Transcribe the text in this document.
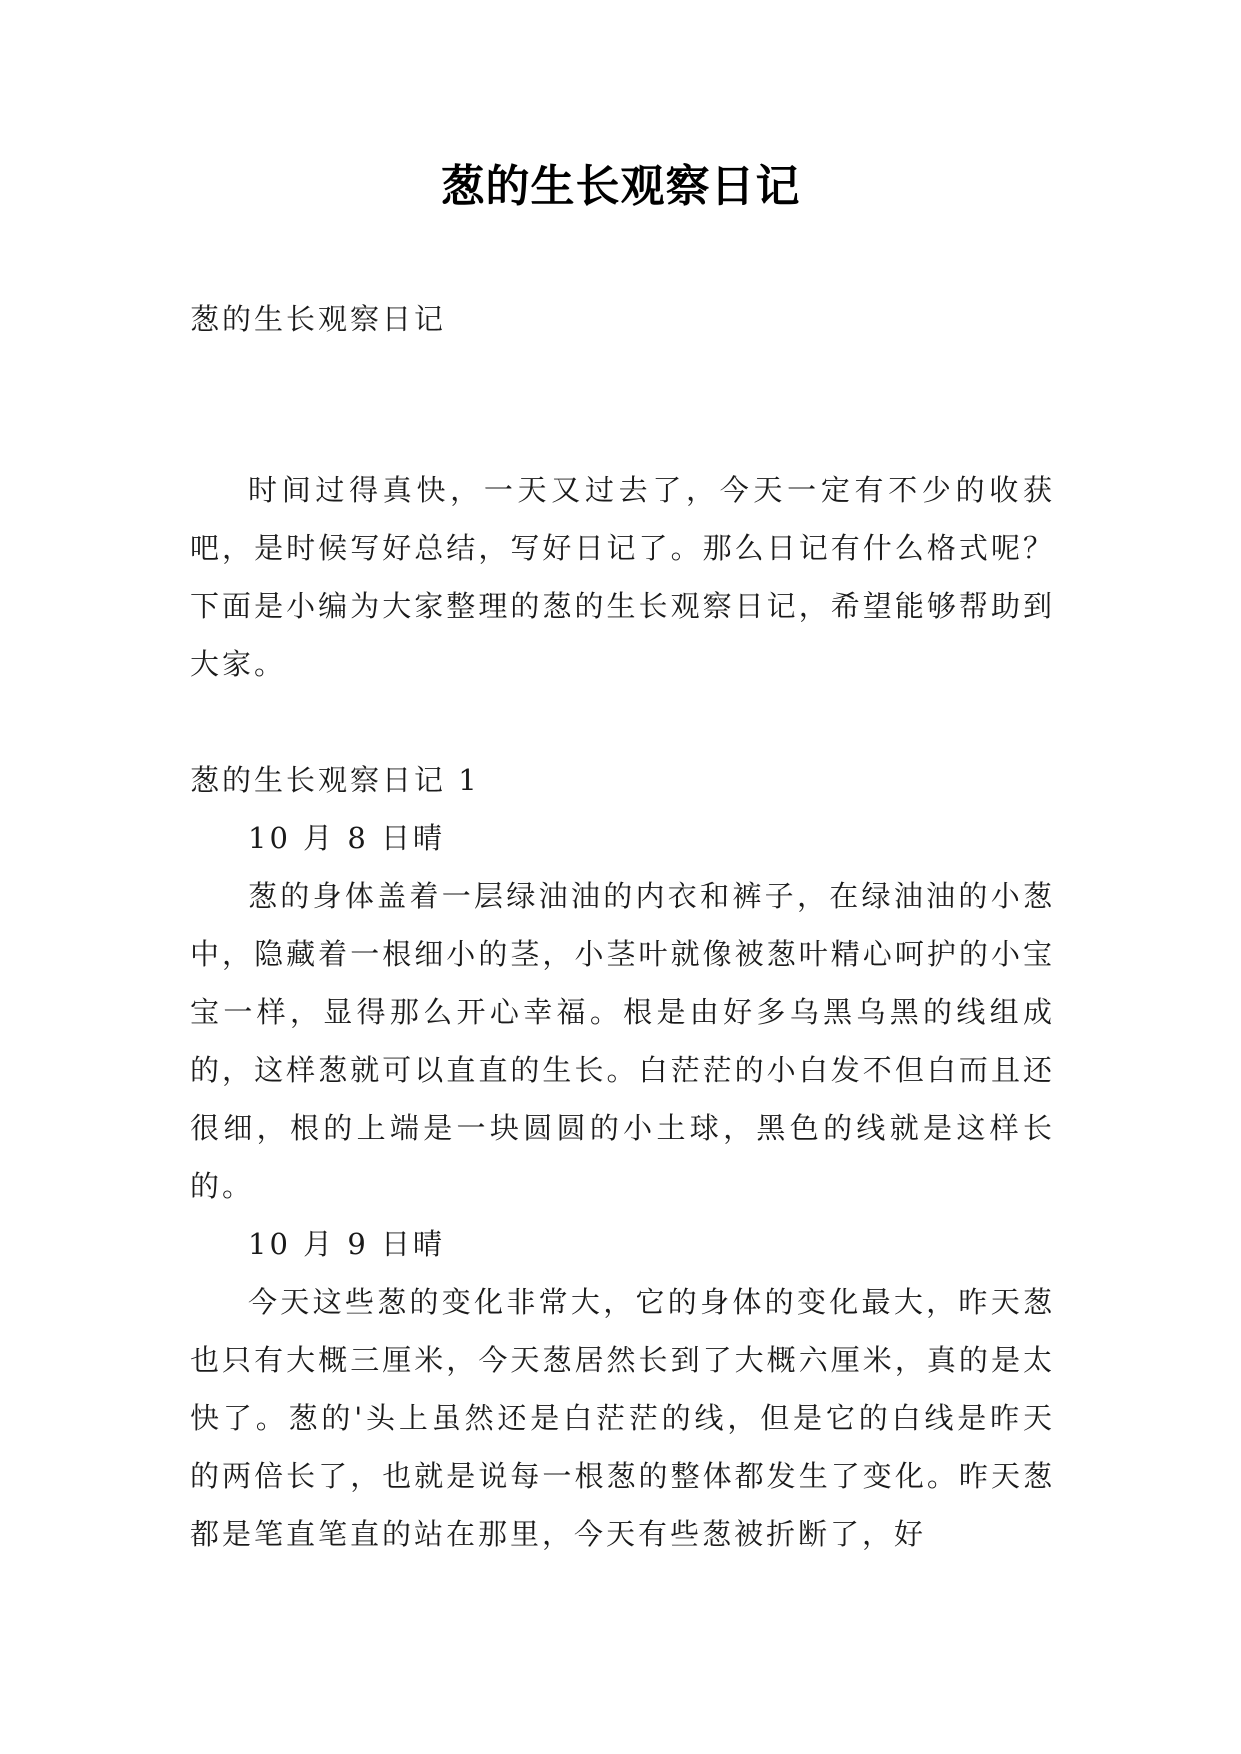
葱的生长观察日记

葱的生长观察日记

时间过得真快，一天又过去了，今天一定有不少的收获吧，是时候写好总结，写好日记了。那么日记有什么格式呢？下面是小编为大家整理的葱的生长观察日记，希望能够帮助到大家。

葱的生长观察日记 1

10 月 8 日晴

葱的身体盖着一层绿油油的内衣和裤子，在绿油油的小葱中，隐藏着一根细小的茎，小茎叶就像被葱叶精心呵护的小宝宝一样，显得那么开心幸福。根是由好多乌黑乌黑的线组成的，这样葱就可以直直的生长。白茫茫的小白发不但白而且还很细，根的上端是一块圆圆的小土球，黑色的线就是这样长的。

10 月 9 日晴

今天这些葱的变化非常大，它的身体的变化最大，昨天葱也只有大概三厘米，今天葱居然长到了大概六厘米，真的是太快了。葱的'头上虽然还是白茫茫的线，但是它的白线是昨天的两倍长了，也就是说每一根葱的整体都发生了变化。昨天葱都是笔直笔直的站在那里，今天有些葱被折断了，好
